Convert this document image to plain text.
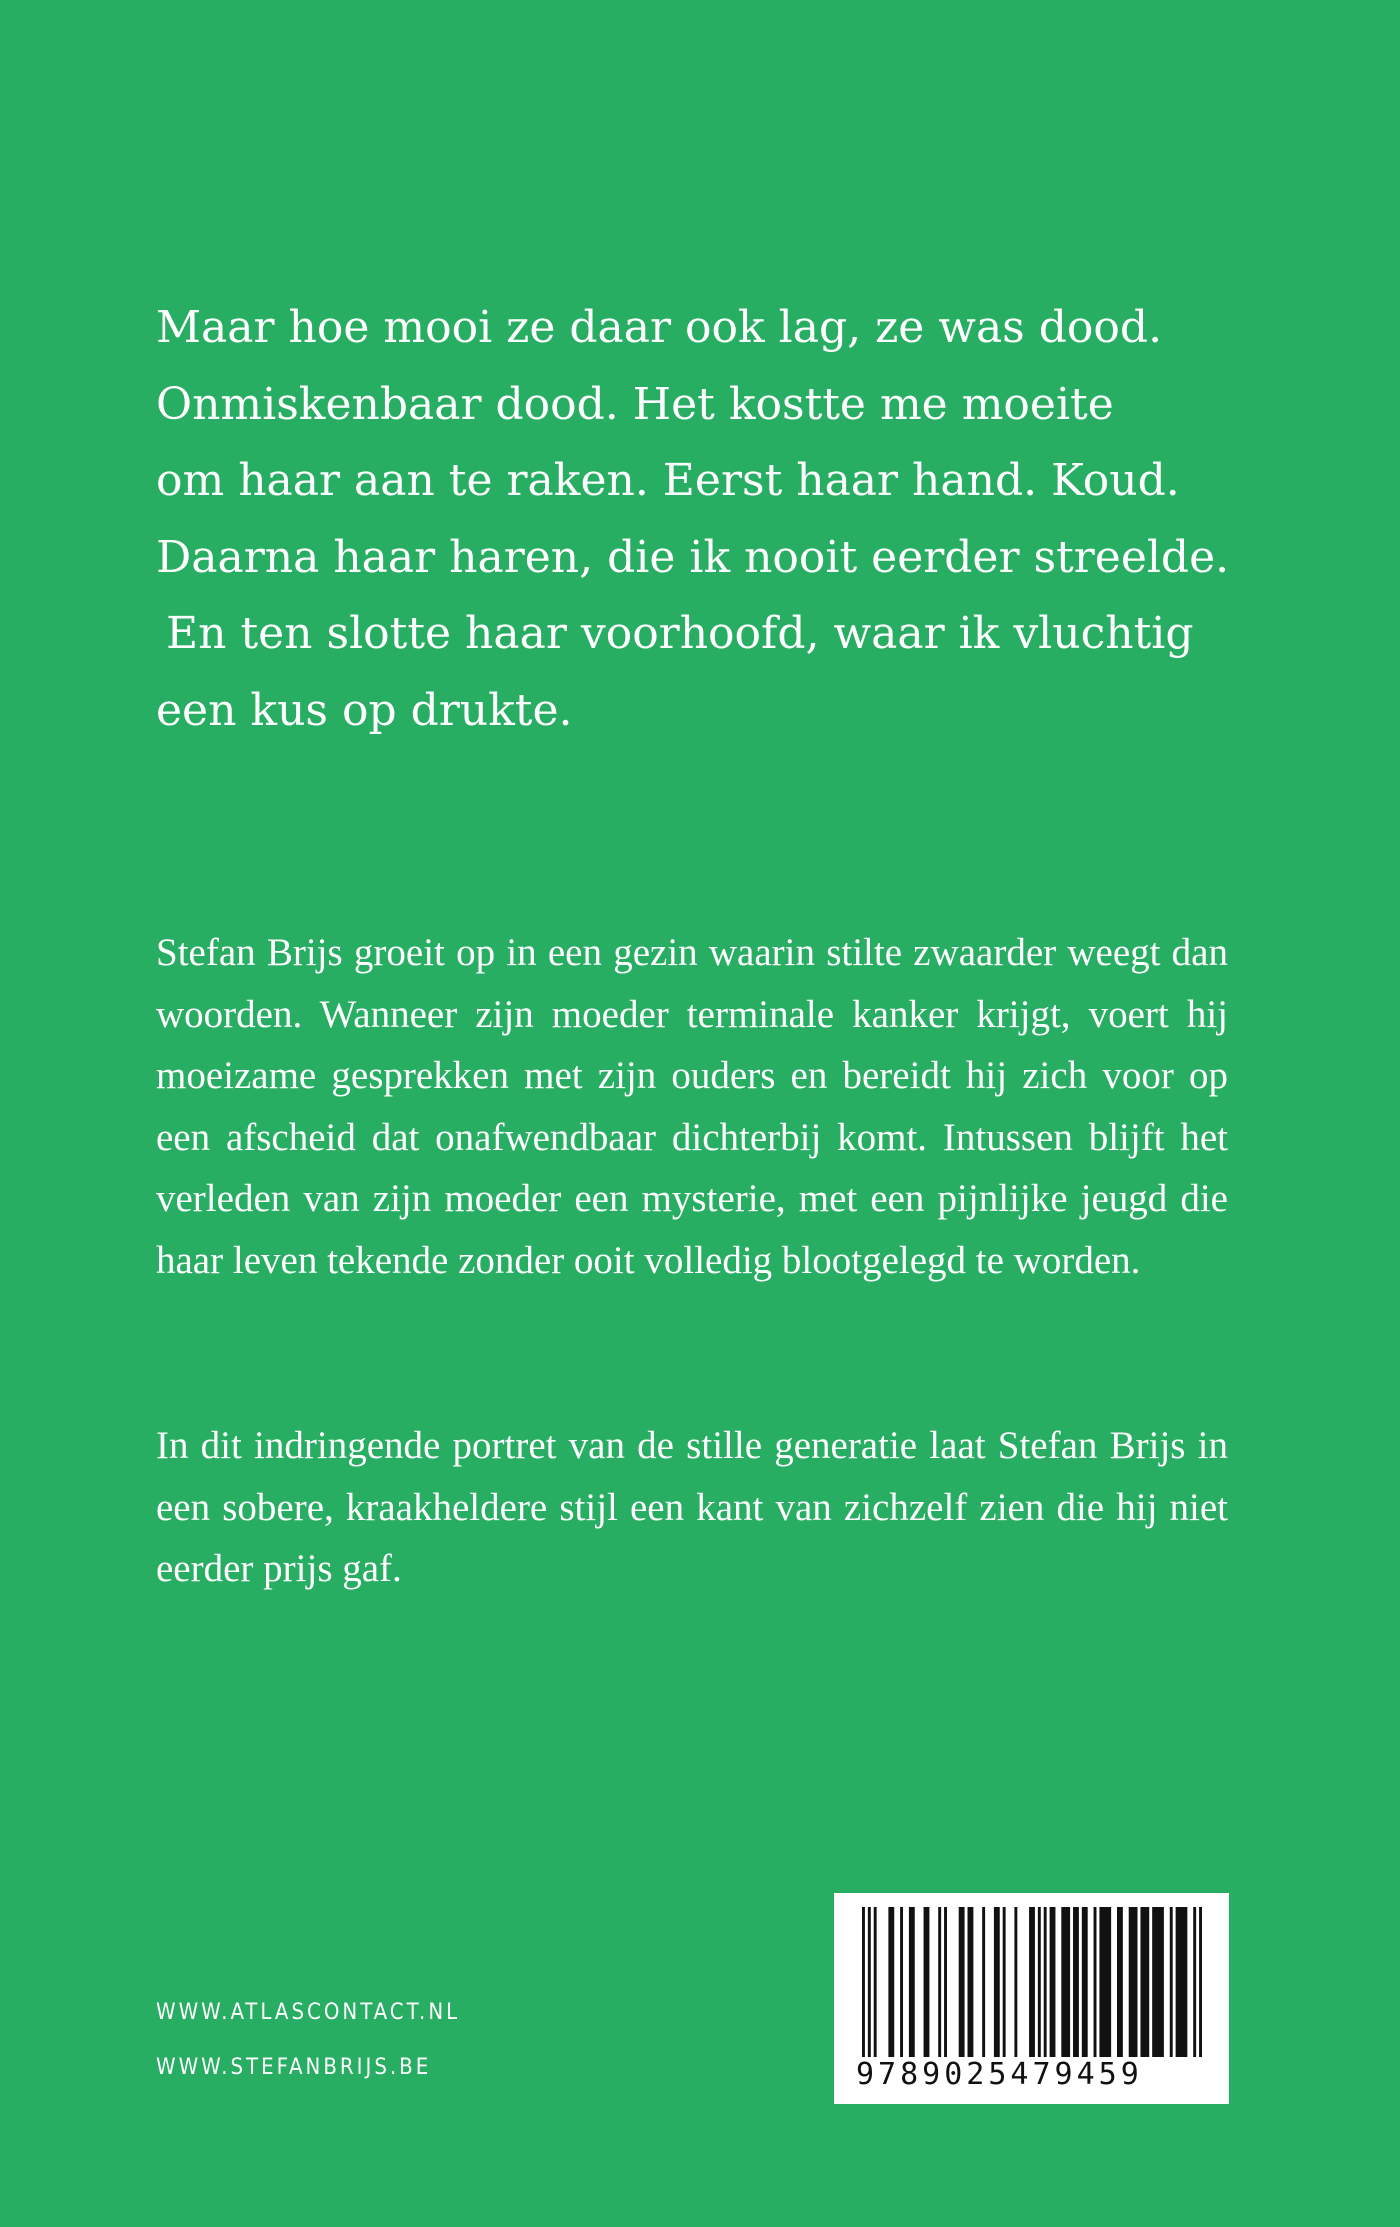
Maar hoe mooi ze daar ook lag, ze was dood.
Onmiskenbaar dood. Het kostte me moeite
om haar aan te raken. Eerst haar hand. Koud.
Daarna haar haren, die ik nooit eerder streelde.
En ten slotte haar voorhoofd, waar ik vluchtig
een kus op drukte.

Stefan Brijs groeit op in een gezin waarin stilte zwaarder weegt dan woorden. Wanneer zijn moeder terminale kanker krijgt, voert hij moeizame gesprekken met zijn ouders en bereidt hij zich voor op een afscheid dat onafwendbaar dichterbij komt. Intussen blijft het verleden van zijn moeder een mysterie, met een pijnlijke jeugd die haar leven tekende zonder ooit volledig blootgelegd te worden.

In dit indringende portret van de stille generatie laat Stefan Brijs in een sobere, kraakheldere stijl een kant van zichzelf zien die hij niet eerder prijs gaf.

WWW.ATLASCONTACT.NL
WWW.STEFANBRIJS.BE	9789025479459
